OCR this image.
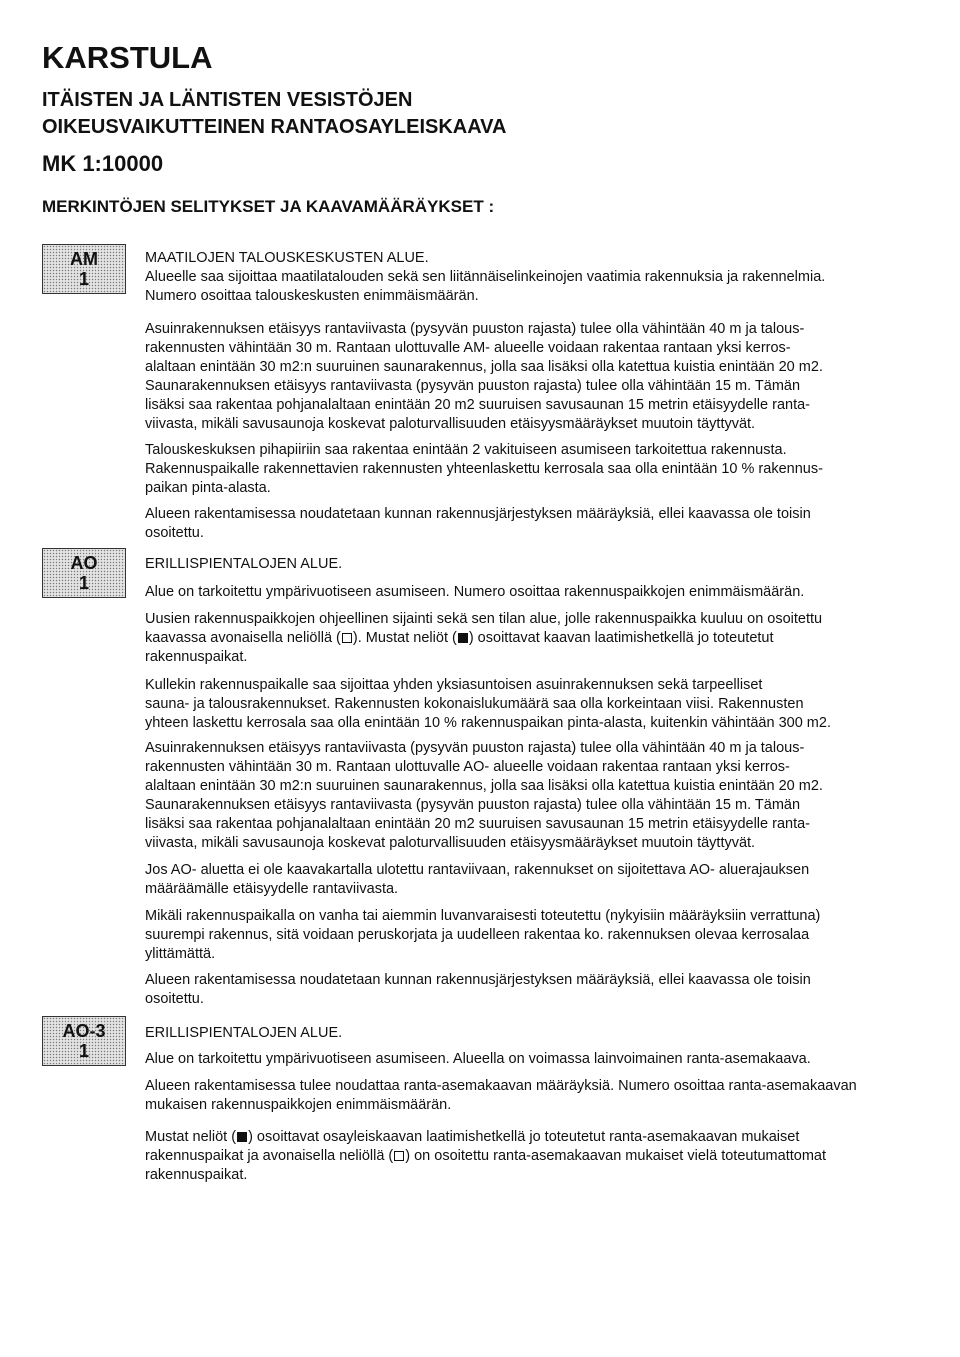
KARSTULA
ITÄISTEN JA LÄNTISTEN VESISTÖJEN
OIKEUSVAIKUTTEINEN RANTAOSAYLEISKAAVA
MK 1:10000
MERKINTÖJEN SELITYKSET JA KAAVAMÄÄRÄYKSET :
AM
1

MAATILOJEN TALOUSKESKUSTEN ALUE.
Alueelle saa sijoittaa maatilatalouden sekä sen liitännäiselinkeinojen vaatimia rakennuksia ja rakennelmia.
Numero osoittaa talouskeskusten enimmäismäärän.

Asuinrakennuksen etäisyys rantaviivasta (pysyvän puuston rajasta) tulee olla vähintään 40 m ja talous-
rakennusten vähintään 30 m. Rantaan ulottuvalle AM- alueelle voidaan rakentaa rantaan yksi kerros-
alaltaan enintään 30 m2:n suuruinen saunarakennus, jolla saa lisäksi olla katettua kuistia enintään 20 m2.
Saunarakennuksen etäisyys rantaviivasta (pysyvän puuston rajasta) tulee olla vähintään 15 m. Tämän
lisäksi saa rakentaa pohjanalaltaan enintään 20 m2 suuruisen savusaunan 15 metrin etäisyydelle ranta-
viivasta, mikäli savusaunoja koskevat paloturvallisuuden etäisyysmääräykset muutoin täyttyvät.

Talouskeskuksen pihapiiriin saa rakentaa enintään 2 vakituiseen asumiseen tarkoitettua rakennusta.
Rakennuspaikalle rakennettavien rakennusten yhteenlaskettu kerrosala saa olla enintään 10 % rakennus-
paikan pinta-alasta.

Alueen rakentamisessa noudatetaan kunnan rakennusjärjestyksen määräyksiä, ellei kaavassa ole toisin
osoitettu.

AO
1

ERILLISPIENTALOJEN ALUE.

Alue on tarkoitettu ympärivuotiseen asumiseen. Numero osoittaa rakennuspaikkojen enimmäismäärän.

Uusien rakennuspaikkojen ohjeellinen sijainti sekä sen tilan alue, jolle rakennuspaikka kuuluu on osoitettu
kaavassa avonaisella neliöllä ( ). Mustat neliöt ( ) osoittavat kaavan laatimishetkellä jo toteutetut
rakennuspaikat.

Kullekin rakennuspaikalle saa sijoittaa yhden yksiasuntoisen asuinrakennuksen sekä tarpeelliset
sauna- ja talousrakennukset. Rakennusten kokonaislukumäärä saa olla korkeintaan viisi. Rakennusten
yhteen laskettu kerrosala saa olla enintään 10 % rakennuspaikan pinta-alasta, kuitenkin vähintään 300 m2.

Asuinrakennuksen etäisyys rantaviivasta (pysyvän puuston rajasta) tulee olla vähintään 40 m ja talous-
rakennusten vähintään 30 m. Rantaan ulottuvalle AO- alueelle voidaan rakentaa rantaan yksi kerros-
alaltaan enintään 30 m2:n suuruinen saunarakennus, jolla saa lisäksi olla katettua kuistia enintään 20 m2.
Saunarakennuksen etäisyys rantaviivasta (pysyvän puuston rajasta) tulee olla vähintään 15 m. Tämän
lisäksi saa rakentaa pohjanalaltaan enintään 20 m2 suuruisen savusaunan 15 metrin etäisyydelle ranta-
viivasta, mikäli savusaunoja koskevat paloturvallisuuden etäisyysmääräykset muutoin täyttyvät.

Jos AO- aluetta ei ole kaavakartalla ulotettu rantaviivaan, rakennukset on sijoitettava AO- aluerajauksen
määräämälle etäisyydelle rantaviivasta.

Mikäli rakennuspaikalla on vanha tai aiemmin luvanvaraisesti toteutettu (nykyisiin määräyksiin verrattuna)
suurempi rakennus, sitä voidaan peruskorjata ja uudelleen rakentaa ko. rakennuksen olevaa kerrosalaa
ylittämättä.

Alueen rakentamisessa noudatetaan kunnan rakennusjärjestyksen määräyksiä, ellei kaavassa ole toisin
osoitettu.

AO-3
1

ERILLISPIENTALOJEN ALUE.

Alue on tarkoitettu ympärivuotiseen asumiseen. Alueella on voimassa lainvoimainen ranta-asemakaava.

Alueen rakentamisessa tulee noudattaa ranta-asemakaavan määräyksiä. Numero osoittaa ranta-asemakaavan
mukaisen rakennuspaikkojen enimmäismäärän.

Mustat neliöt ( ) osoittavat osayleiskaavan laatimishetkellä jo toteutetut ranta-asemakaavan mukaiset
rakennuspaikat ja avonaisella neliöllä ( ) on osoitettu ranta-asemakaavan mukaiset vielä toteutumattomat
rakennuspaikat.
